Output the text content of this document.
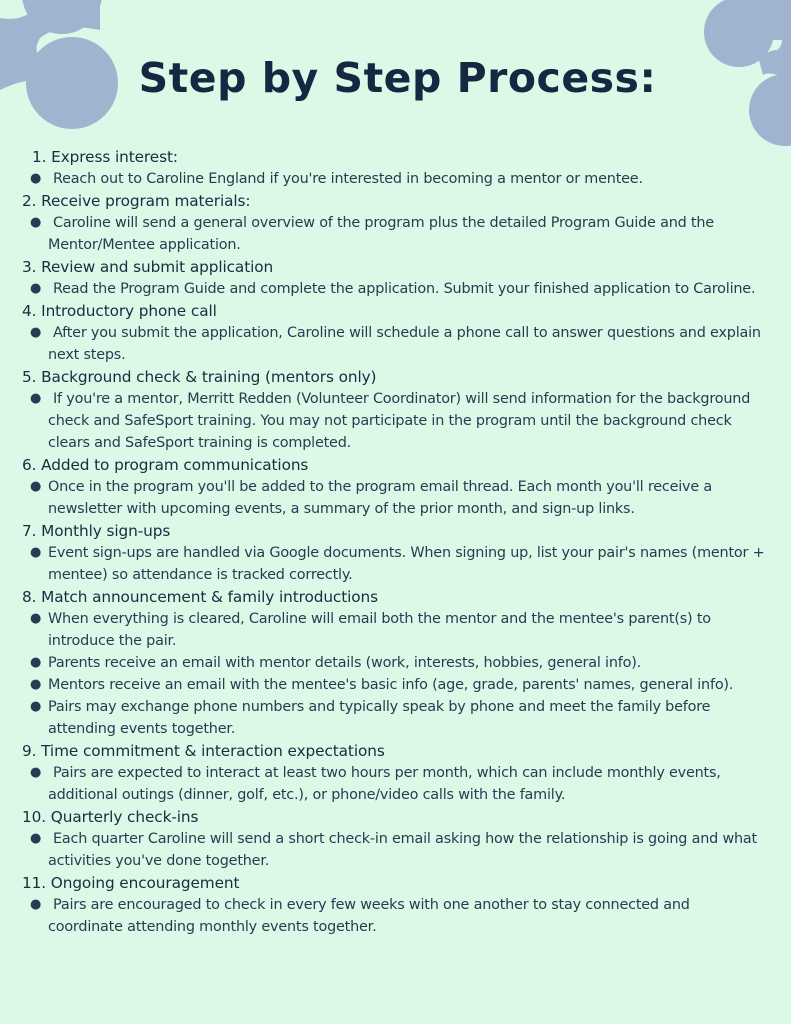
Step by Step Process:
1. Express interest:
● Reach out to Caroline England if you're interested in becoming a mentor or mentee.
2. Receive program materials:
● Caroline will send a general overview of the program plus the detailed Program Guide and the Mentor/Mentee application.
3. Review and submit application
● Read the Program Guide and complete the application. Submit your finished application to Caroline.
4. Introductory phone call
● After you submit the application, Caroline will schedule a phone call to answer questions and explain next steps.
5. Background check & training (mentors only)
● If you're a mentor, Merritt Redden (Volunteer Coordinator) will send information for the background check and SafeSport training. You may not participate in the program until the background check clears and SafeSport training is completed.
6. Added to program communications
● Once in the program you'll be added to the program email thread. Each month you'll receive a newsletter with upcoming events, a summary of the prior month, and sign-up links.
7. Monthly sign-ups
● Event sign-ups are handled via Google documents. When signing up, list your pair's names (mentor + mentee) so attendance is tracked correctly.
8. Match announcement & family introductions
● When everything is cleared, Caroline will email both the mentor and the mentee's parent(s) to introduce the pair.
● Parents receive an email with mentor details (work, interests, hobbies, general info).
● Mentors receive an email with the mentee's basic info (age, grade, parents' names, general info).
● Pairs may exchange phone numbers and typically speak by phone and meet the family before attending events together.
9. Time commitment & interaction expectations
● Pairs are expected to interact at least two hours per month, which can include monthly events, additional outings (dinner, golf, etc.), or phone/video calls with the family.
10. Quarterly check-ins
● Each quarter Caroline will send a short check-in email asking how the relationship is going and what activities you've done together.
11. Ongoing encouragement
● Pairs are encouraged to check in every few weeks with one another to stay connected and coordinate attending monthly events together.
